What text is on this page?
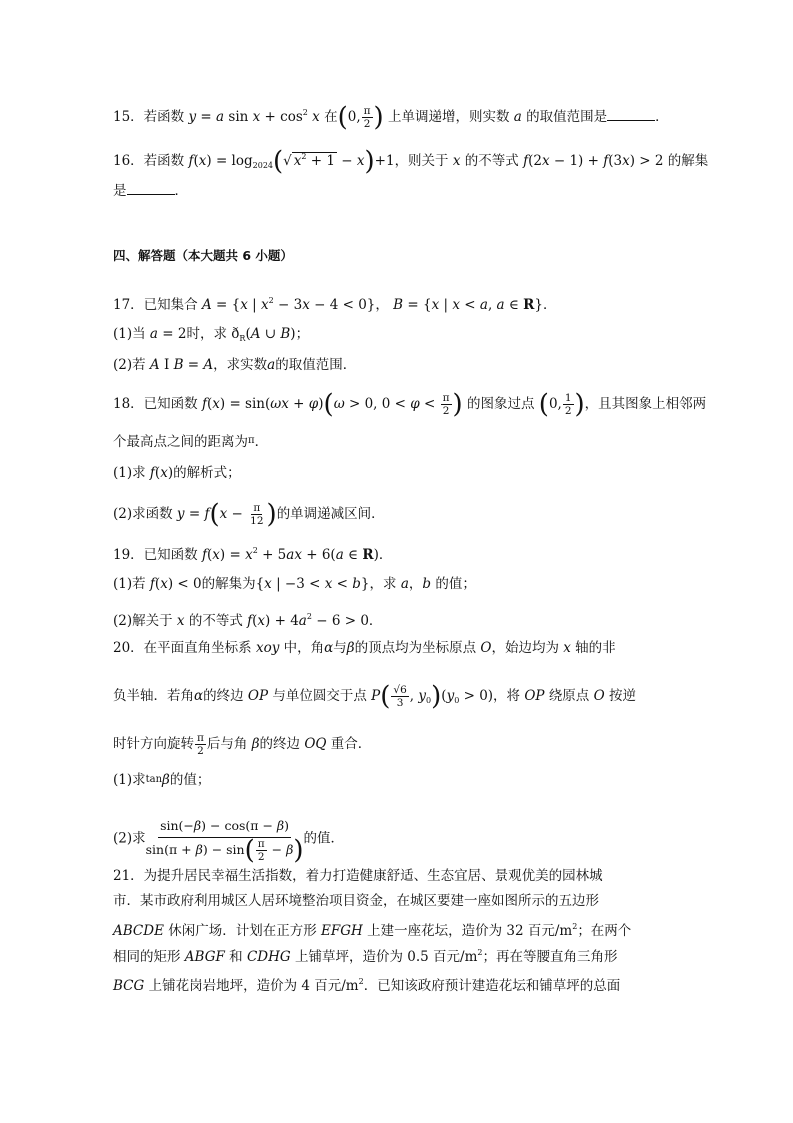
15．若函数 y = a $\sin x + \cos^2 x$ 在(0, $\frac{\pi}{2}$ ) 上单调递增，则实数 a 的取值范围是	．
16．若函数 $f(x) = \log_{2024}(√$ $x^2 + 1 - x)+1$，则关于 x 的不等式 f(2x − 1) + f(3x) > 2 的解集
是	．
四、解答题（本大题共 6 小题）
17．已知集合 A = {x | $x^2 - 3x - 4 < 0$}， B = {x | x < a, a ∈ R}．
(1)当 a = 2时，求 $ð_R(A$ ∪ B)；
(2)若 A I B = A，求实数a的取值范围．
18．已知函数 f(x) = sin(ωx + φ)(ω > 0, $0 < \varphi < \frac{\pi}{2}$ ) 的图象过点 (0, $\frac{1}{2}$ )，且其图象上相邻两
个最高点之间的距离为$^\pi$．
(1)求 f(x)的解析式；
(2)求函数 $y = f(x - \frac{\pi}{12}$ )的单调递减区间．
19．已知函数 $f(x) = x^2 + 5ax + 6(a$ ∈ R)．
(1)若 f(x) < 0的解集为{x | −3 < x < b}，求 a，b 的值；
(2)解关于 x 的不等式 $f(x) + 4a^2 - 6 > 0$．
20．在平面直角坐标系 xoy 中，角α与β的顶点均为坐标原点 O，始边均为 x 轴的非
负半轴．若角α的终边 OP 与单位圆交于点 $P( \frac{√6}{3}$ , $y_0)(y_0 > 0)$，将 OP 绕原点 O 按逆
时针方向旋转 $\frac{\pi}{2}$ 后与角 β的终边 OQ 重合．
(1)求tanβ的值；
(2)求 $\frac{\sin(-\beta) - \cos(\pi - \beta)}{\sin(\pi + \beta) - \sin( \frac{\pi}{2} - \beta)}$ 的值．
21．为提升居民幸福生活指数，着力打造健康舒适、生态宜居、景观优美的园林城
市．某市政府利用城区人居环境整治项目资金，在城区要建一座如图所示的五边形
ABCDE 休闲广场．计划在正方形 EFGH 上建一座花坛，造价为 32 百元$/m^2$；在两个
相同的矩形 ABGF 和 CDHG 上铺草坪，造价为 0.5 百元$/m^2$；再在等腰直角三角形
BCG 上铺花岗岩地坪，造价为 4 百元$/m^2$．已知该政府预计建造花坛和铺草坪的总面
